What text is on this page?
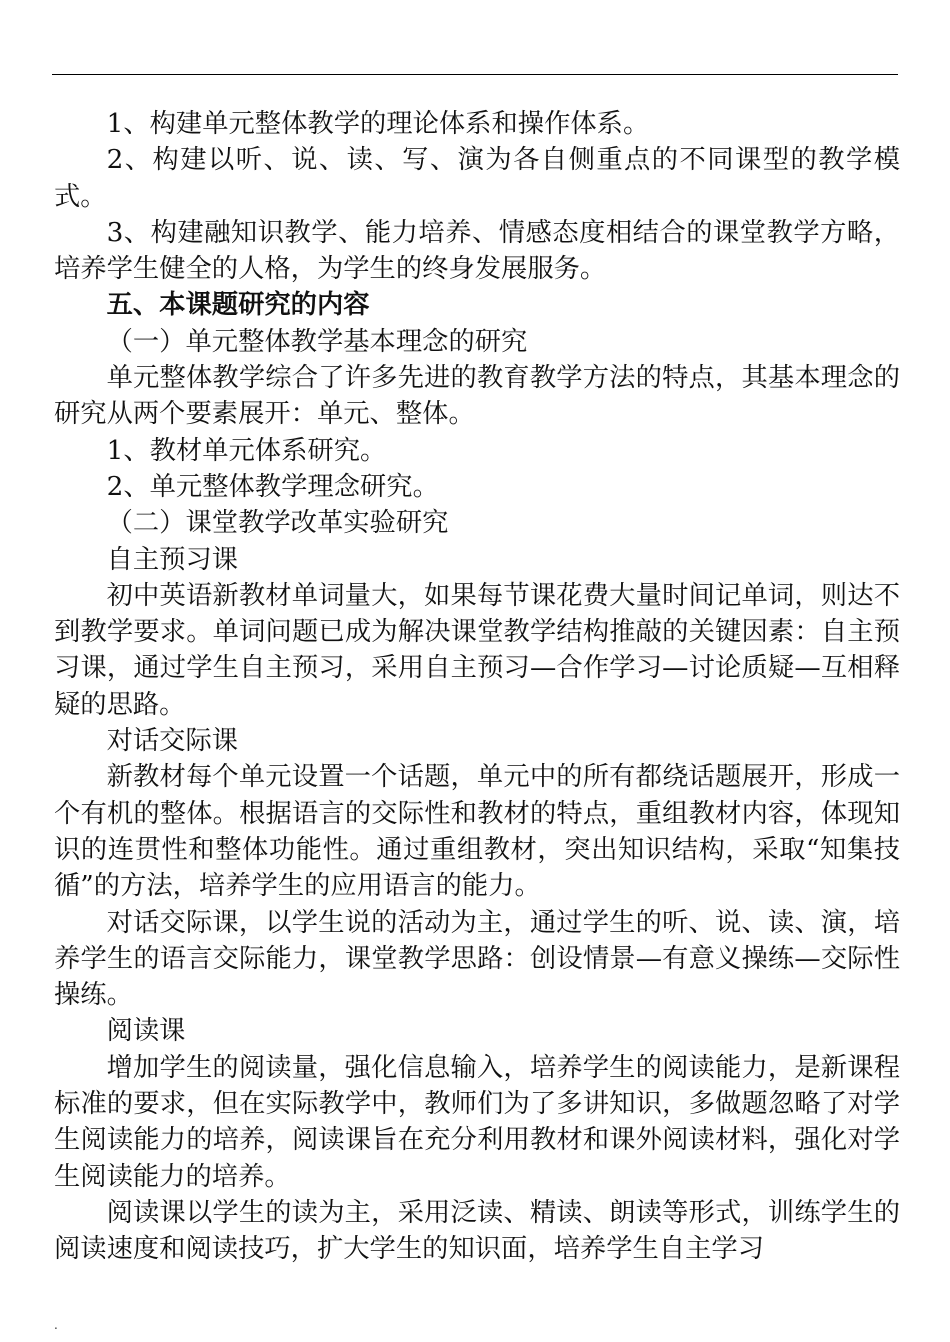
1、构建单元整体教学的理论体系和操作体系。

2、构建以听、说、读、写、演为各自侧重点的不同课型的教学模式。

3、构建融知识教学、能力培养、情感态度相结合的课堂教学方略，培养学生健全的人格，为学生的终身发展服务。

五、本课题研究的内容

（一）单元整体教学基本理念的研究

单元整体教学综合了许多先进的教育教学方法的特点，其基本理念的研究从两个要素展开：单元、整体。

1、教材单元体系研究。

2、单元整体教学理念研究。

（二）课堂教学改革实验研究

自主预习课

初中英语新教材单词量大，如果每节课花费大量时间记单词，则达不到教学要求。单词问题已成为解决课堂教学结构推敲的关键因素：自主预习课，通过学生自主预习，采用自主预习—合作学习—讨论质疑—互相释疑的思路。

对话交际课

新教材每个单元设置一个话题，单元中的所有都绕话题展开，形成一个有机的整体。根据语言的交际性和教材的特点，重组教材内容，体现知识的连贯性和整体功能性。通过重组教材，突出知识结构，采取“知集技循”的方法，培养学生的应用语言的能力。

对话交际课，以学生说的活动为主，通过学生的听、说、读、演，培养学生的语言交际能力，课堂教学思路：创设情景—有意义操练—交际性操练。

阅读课

增加学生的阅读量，强化信息输入，培养学生的阅读能力，是新课程标准的要求，但在实际教学中，教师们为了多讲知识，多做题忽略了对学生阅读能力的培养，阅读课旨在充分利用教材和课外阅读材料，强化对学生阅读能力的培养。

阅读课以学生的读为主，采用泛读、精读、朗读等形式，训练学生的阅读速度和阅读技巧，扩大学生的知识面，培养学生自主学习

.
